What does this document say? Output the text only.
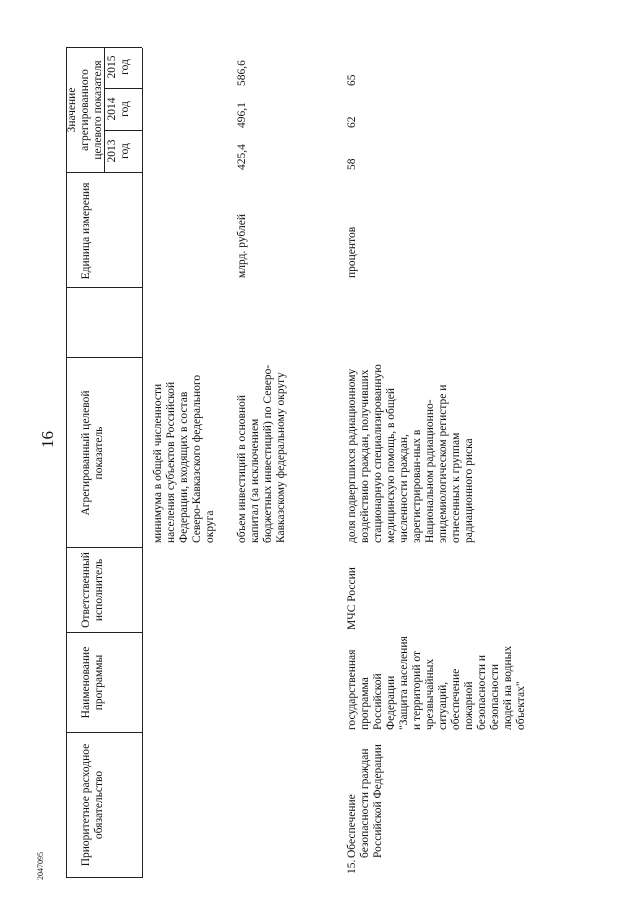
16
2047095	Приоритетное расходное обязательство
Наименование программы
Ответственный исполнитель
Агрегированный целевой показатель
Единица измерения
Значение агрегированного целевого показателя 2013 год
2014 год
2015 год
минимума в общей численности населения субъектов Российской Федерации, входящих в состав Северо-Кавказского федерального округа объем инвестиций в основной капитал (за исключением бюджетных инвестиций) по Северо-Кавказскому федеральному округу
млрд. рублей
425,4
496,1
586,6
15.
Обеспечение безопасности граждан Российской Федерации
государственная программа Российской Федерации "Защита населения и территорий от чрезвычайных ситуаций, обеспечение пожарной безопасности и безопасности людей на водных объектах"
МЧС России
доля подвергшихся радиационному воздействию граждан, получивших стационарную специализированную медицинскую помощь, в общей численности граждан, зарегистрирован-ных в Национальном радиационно-эпидемиологическом регистре и отнесенных к группам радиационного риска
процентов
58
62
65
